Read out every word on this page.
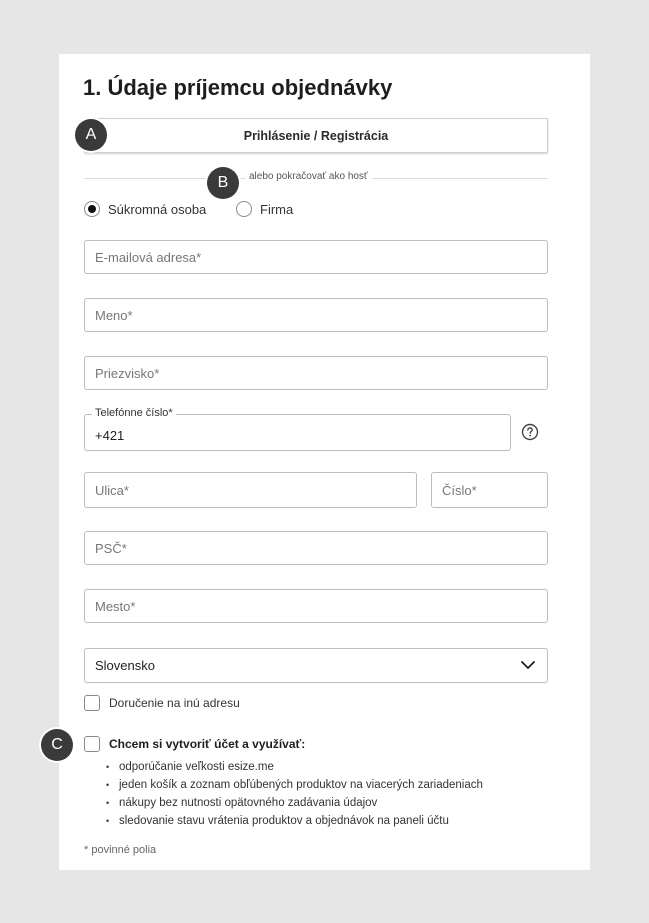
1. Údaje príjemcu objednávky
Prihlásenie / Registrácia
alebo pokračovať ako hosť
Súkromná osoba	Firma
E-mailová adresa*
Meno*
Priezvisko*
Telefónne číslo*
+421
Ulica*
Číslo*
PSČ*
Mesto*
Slovensko
Doručenie na inú adresu
Chcem si vytvoriť účet a využívať:
• odporúčanie veľkosti esize.me
• jeden košík a zoznam obľúbených produktov na viacerých zariadeniach
• nákupy bez nutnosti opätovného zadávania údajov
• sledovanie stavu vrátenia produktov a objednávok na paneli účtu
* povinné polia
A
B
C
